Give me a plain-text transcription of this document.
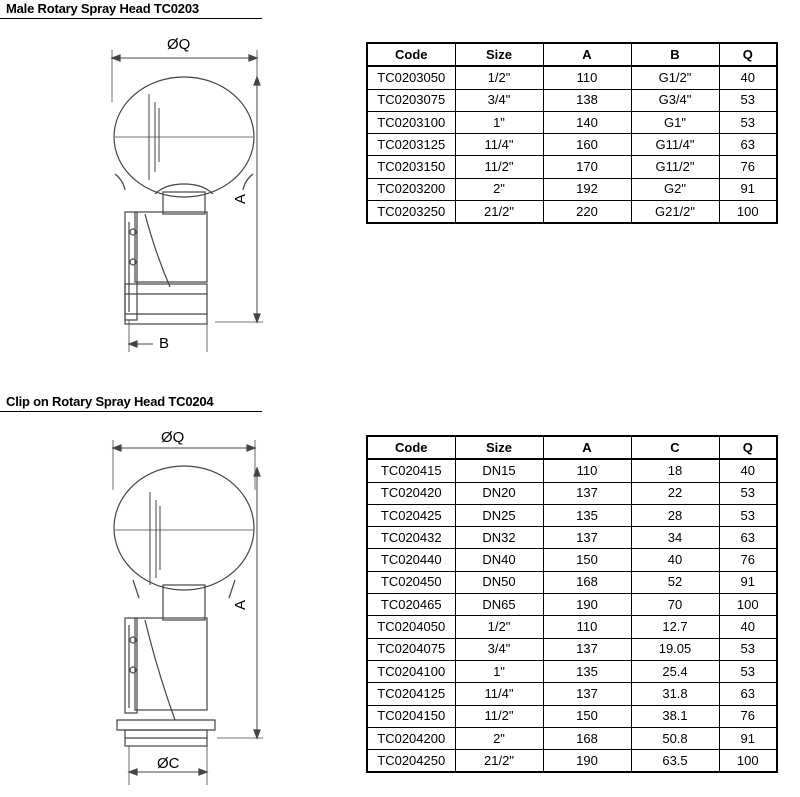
Male Rotary Spray Head TC0203
ØQ
A
B
Code	Size	A	B	Q
TC0203050	1/2"	110	G1/2"	40
TC0203075	3/4"	138	G3/4"	53
TC0203100	1"	140	G1"	53
TC0203125	11/4"	160	G11/4"	63
TC0203150	11/2"	170	G11/2"	76
TC0203200	2"	192	G2"	91
TC0203250	21/2"	220	G21/2"	100
Clip on Rotary Spray Head TC0204
ØQ
A
ØC
Code	Size	A	C	Q
TC020415	DN15	110	18	40
TC020420	DN20	137	22	53
TC020425	DN25	135	28	53
TC020432	DN32	137	34	63
TC020440	DN40	150	40	76
TC020450	DN50	168	52	91
TC020465	DN65	190	70	100
TC0204050	1/2"	110	12.7	40
TC0204075	3/4"	137	19.05	53
TC0204100	1"	135	25.4	53
TC0204125	11/4"	137	31.8	63
TC0204150	11/2"	150	38.1	76
TC0204200	2"	168	50.8	91
TC0204250	21/2"	190	63.5	100
